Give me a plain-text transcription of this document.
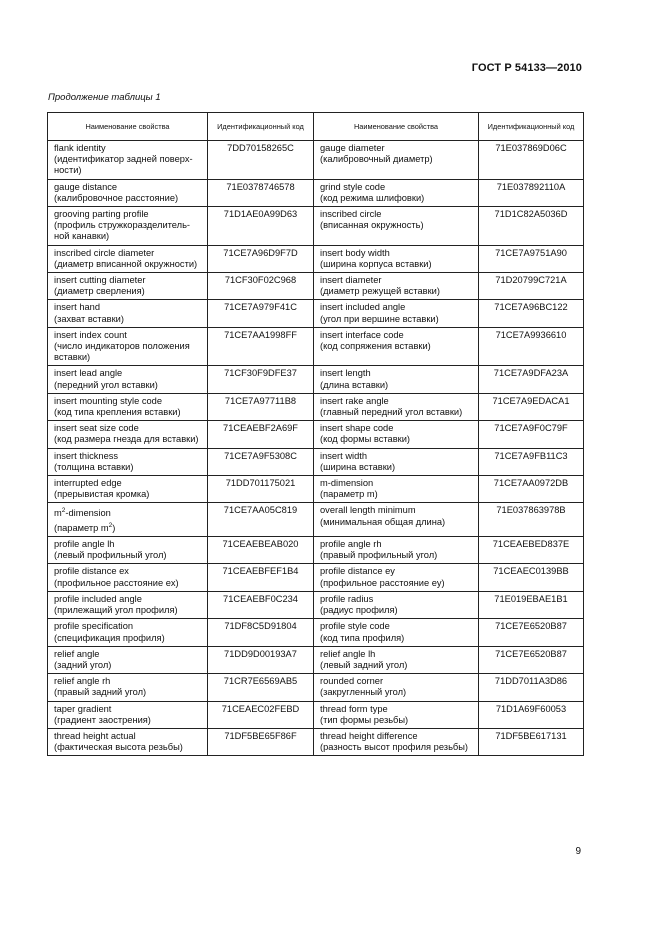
ГОСТ Р 54133—2010
Продолжение таблицы 1
Наименование свойства	Идентификационный код	Наименование свойства	Идентификационный код

flank identity
(идентификатор задней поверх-
ности)	7DD70158265C	gauge diameter
(калибровочный диаметр)	71E037869D06C

gauge distance
(калибровочное расстояние)	71E0378746578	grind style code
(код режима шлифовки)	71E037892110A

grooving parting profile
(профиль стружкоразделитель-
ной канавки)	71D1AE0A99D63	inscribed circle
(вписанная окружность)	71D1C82A5036D

inscribed circle diameter
(диаметр вписанной окружности)	71CE7A96D9F7D	insert body width
(ширина корпуса вставки)	71CE7A9751A90

insert cutting diameter
(диаметр сверления)	71CF30F02C968	insert diameter
(диаметр режущей вставки)	71D20799C721A

insert hand
(захват вставки)	71CE7A979F41C	insert included angle
(угол при вершине вставки)	71CE7A96BC122

insert index count
(число индикаторов положения
вставки)	71CE7AA1998FF	insert interface code
(код сопряжения вставки)	71CE7A9936610

insert lead angle
(передний угол вставки)	71CF30F9DFE37	insert length
(длина вставки)	71CE7A9DFA23A

insert mounting style code
(код типа крепления вставки)	71CE7A97711B8	insert rake angle
(главный передний угол вставки)	71CE7A9EDACA1

insert seat size code
(код размера гнезда для вставки)	71CEAEBF2A69F	insert shape code
(код формы вставки)	71CE7A9F0C79F

insert thickness
(толщина вставки)	71CE7A9F5308C	insert width
(ширина вставки)	71CE7A9FB11C3

interrupted edge
(прерывистая кромка)	71DD701175021	m-dimension
(параметр m)	71CE7AA0972DB

$m^2$-dimension
(параметр $m^2$)	71CE7AA05C819	overall length minimum
(минимальная общая длина)	71E037863978B

profile angle lh
(левый профильный угол)	71CEAEBEAB020	profile angle rh
(правый профильный угол)	71CEAEBED837E

profile distance ex
(профильное расстояние ex)	71CEAEBFEF1B4	profile distance ey
(профильное расстояние ey)	71CEAEC0139BB

profile included angle
(прилежащий угол профиля)	71CEAEBF0C234	profile radius
(радиус профиля)	71E019EBAE1B1

profile specification
(спецификация профиля)	71DF8C5D91804	profile style code
(код типа профиля)	71CE7E6520B87

relief angle
(задний угол)	71DD9D00193A7	relief angle lh
(левый задний угол)	71CE7E6520B87

relief angle rh
(правый задний угол)	71CR7E6569AB5	rounded corner
(закругленный угол)	71DD7011A3D86

taper gradient
(градиент заострения)	71CEAEC02FEBD	thread form type
(тип формы резьбы)	71D1A69F60053

thread height actual
(фактическая высота резьбы)	71DF5BE65F86F	thread height difference
(разность высот профиля резьбы)	71DF5BE617131
9
